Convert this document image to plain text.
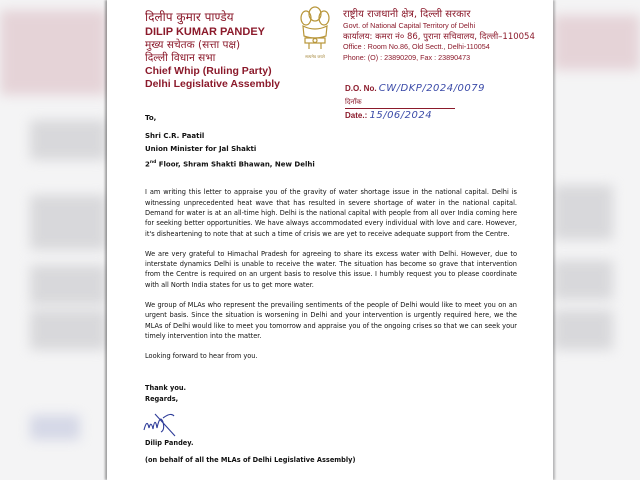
दिलीप कुमार पाण्डेय
DILIP KUMAR PANDEY
मुख्य सचेतक (सत्ता पक्ष)
दिल्ली विधान सभा
Chief Whip (Ruling Party)
Delhi Legislative Assembly
सत्यमेव जयते
राष्ट्रीय राजधानी क्षेत्र, दिल्ली सरकार
Govt. of National Capital Territory of Delhi
कार्यालय: कमरा नं० 86, पुराना सचिवालय, दिल्ली–110054
Office : Room No.86, Old Sectt., Delhi-110054
Phone: (O) : 23890209, Fax : 23890473
D.O. No. CW/DKP/2024/0079
दिनाँक
Date.: 15/06/2024
To,
Shri C.R. Paatil
Union Minister for Jal Shakti
2nd Floor, Shram Shakti Bhawan, New Delhi

I am writing this letter to appraise you of the gravity of water shortage issue in the national capital. Delhi is witnessing unprecedented heat wave that has resulted in severe shortage of water in the national capital. Demand for water is at an all-time high. Delhi is the national capital with people from all over India coming here for seeking better opportunities. We have always accommodated every individual with love and care. However, it's disheartening to note that at such a time of crisis we are yet to receive adequate support from the Centre.

We are very grateful to Himachal Pradesh for agreeing to share its excess water with Delhi. However, due to interstate dynamics Delhi is unable to receive the water. The situation has become so grave that intervention from the Centre is required on an urgent basis to resolve this issue. I humbly request you to please coordinate with all North India states for us to get more water.

We group of MLAs who represent the prevailing sentiments of the people of Delhi would like to meet you on an urgent basis. Since the situation is worsening in Delhi and your intervention is urgently required here, we the MLAs of Delhi would like to meet you tomorrow and appraise you of the ongoing crises so that we can seek your timely intervention into the matter.

Looking forward to hear from you.

Thank you.
Regards,
Dilip Pandey.
(on behalf of all the MLAs of Delhi Legislative Assembly)
